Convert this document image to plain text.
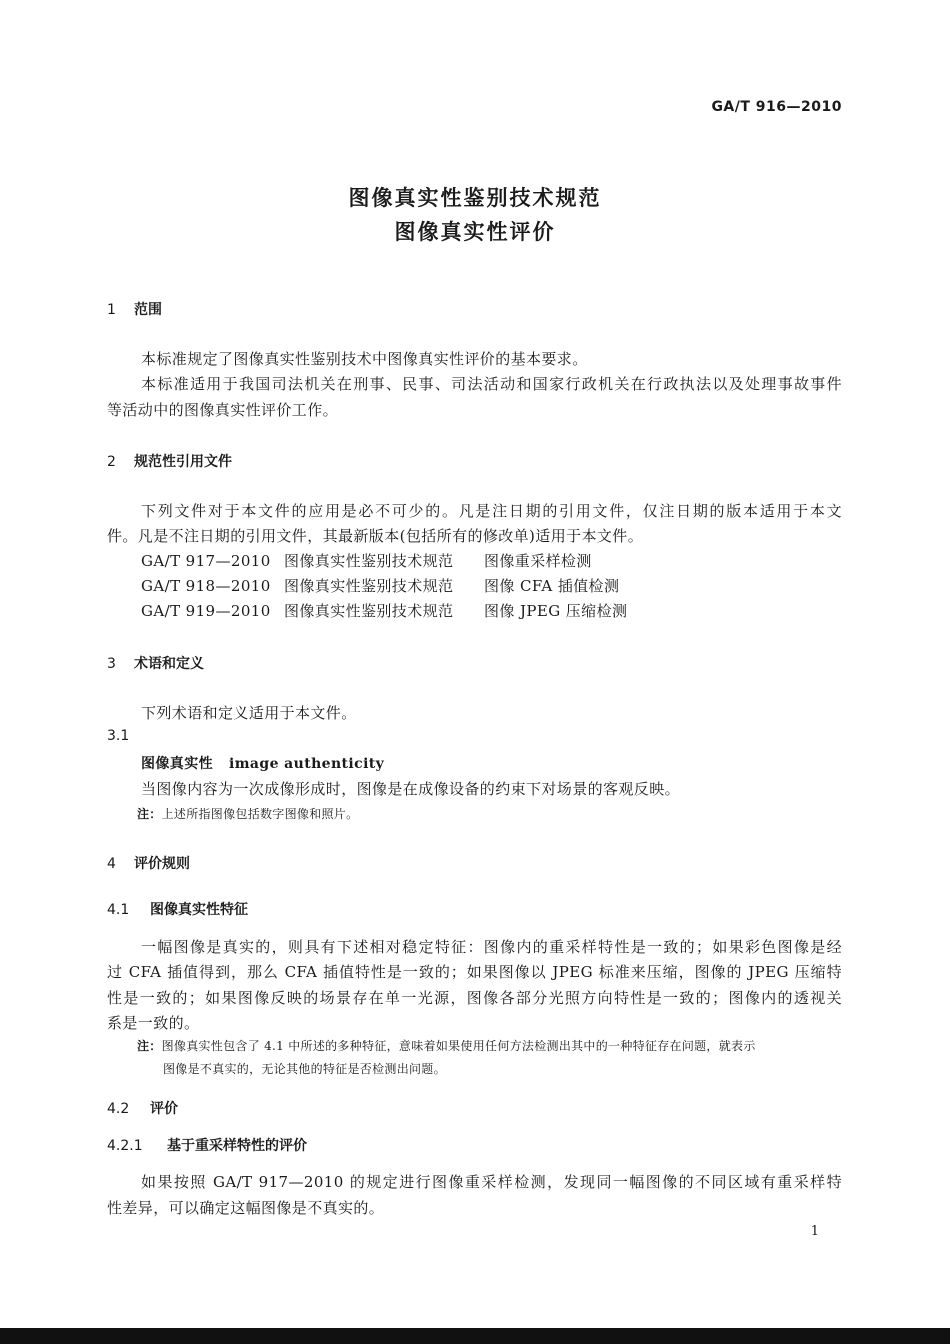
GA/T 916—2010
图像真实性鉴别技术规范
图像真实性评价
1 范围
本标准规定了图像真实性鉴别技术中图像真实性评价的基本要求。
本标准适用于我国司法机关在刑事、民事、司法活动和国家行政机关在行政执法以及处理事故事件
等活动中的图像真实性评价工作。
2 规范性引用文件
下列文件对于本文件的应用是必不可少的。凡是注日期的引用文件，仅注日期的版本适用于本文
件。凡是不注日期的引用文件，其最新版本(包括所有的修改单)适用于本文件。
GA/T 917—2010 图像真实性鉴别技术规范 图像重采样检测
GA/T 918—2010 图像真实性鉴别技术规范 图像 CFA 插值检测
GA/T 919—2010 图像真实性鉴别技术规范 图像 JPEG 压缩检测
3 术语和定义
下列术语和定义适用于本文件。
3.1
图像真实性 image authenticity
当图像内容为一次成像形成时，图像是在成像设备的约束下对场景的客观反映。
注：上述所指图像包括数字图像和照片。
4 评价规则
4.1 图像真实性特征
一幅图像是真实的，则具有下述相对稳定特征：图像内的重采样特性是一致的；如果彩色图像是经
过 CFA 插值得到，那么 CFA 插值特性是一致的；如果图像以 JPEG 标准来压缩，图像的 JPEG 压缩特
性是一致的；如果图像反映的场景存在单一光源，图像各部分光照方向特性是一致的；图像内的透视关
系是一致的。
注：图像真实性包含了 4.1 中所述的多种特征，意味着如果使用任何方法检测出其中的一种特征存在问题，就表示
图像是不真实的，无论其他的特征是否检测出问题。
4.2 评价
4.2.1 基于重采样特性的评价
如果按照 GA/T 917—2010 的规定进行图像重采样检测，发现同一幅图像的不同区域有重采样特
性差异，可以确定这幅图像是不真实的。
1
